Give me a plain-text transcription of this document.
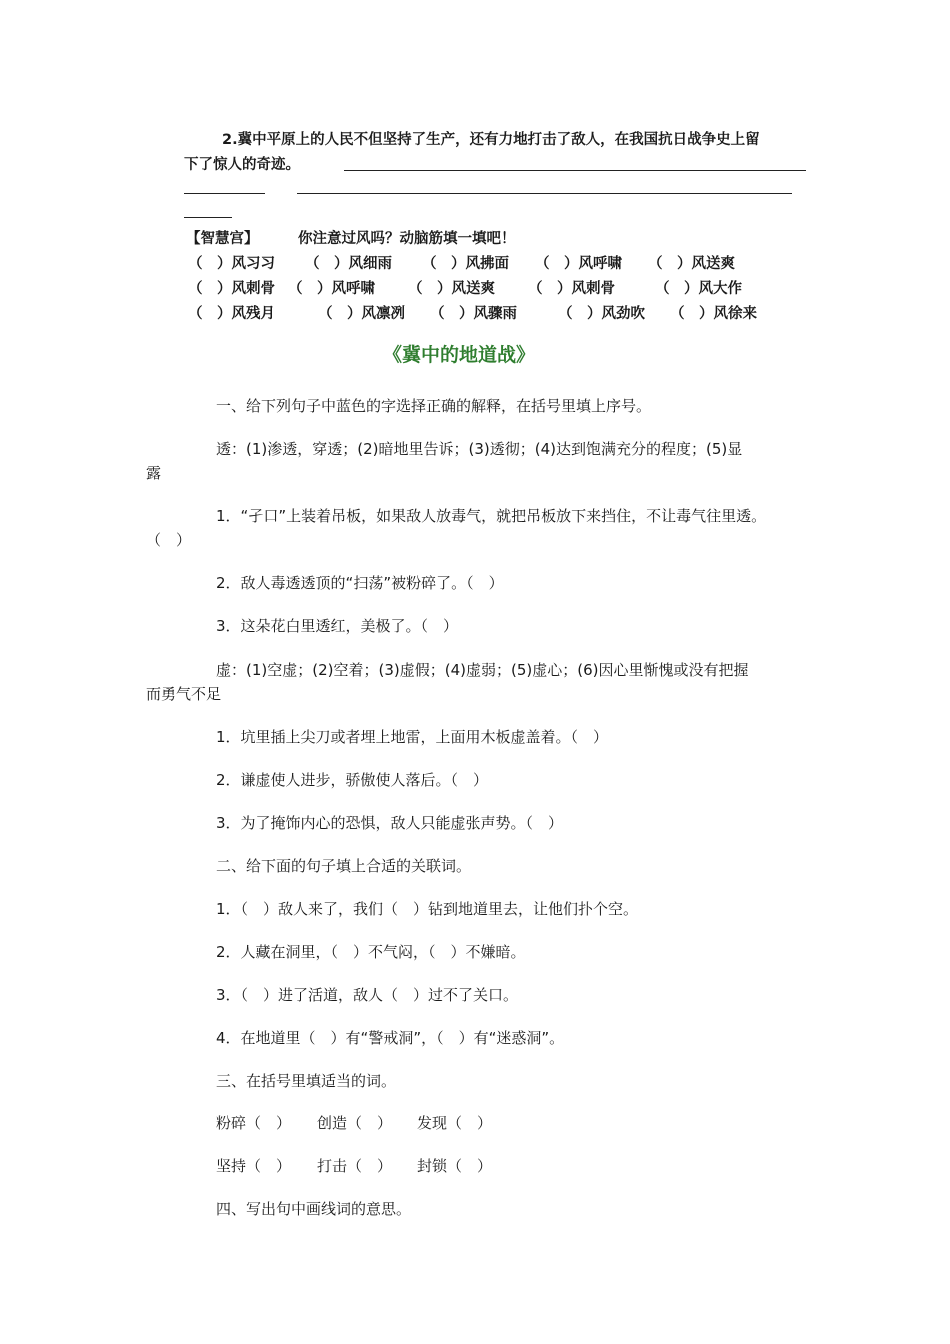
2.冀中平原上的人民不但坚持了生产，还有力地打击了敌人，在我国抗日战争史上留
下了惊人的奇迹。
【智慧宫】	你注意过风吗？动脑筋填一填吧！
（　）风习习 （　）风细雨 （　）风拂面 （　）风呼啸 （　）风送爽
（　）风刺骨 （　）风呼啸 （　）风送爽 （　）风刺骨	（　）风大作
（　）风残月	（　）风凛冽 （　）风骤雨	（　）风劲吹 （　）风徐来
《冀中的地道战》
一、给下列句子中蓝色的字选择正确的解释，在括号里填上序号。
透：(1)渗透，穿透；(2)暗地里告诉；(3)透彻；(4)达到饱满充分的程度；(5)显
露
1．“孑口”上装着吊板，如果敌人放毒气，就把吊板放下来挡住，不让毒气往里透。
（　）
2．敌人毒透透顶的“扫荡”被粉碎了。（　）
3．这朵花白里透红，美极了。（　）
虚：(1)空虚；(2)空着；(3)虚假；(4)虚弱；(5)虚心；(6)因心里惭愧或没有把握
而勇气不足
1．坑里插上尖刀或者埋上地雷，上面用木板虚盖着。（　）
2．谦虚使人进步，骄傲使人落后。（　）
3．为了掩饰内心的恐惧，敌人只能虚张声势。（　）
二、给下面的句子填上合适的关联词。
1．（　）敌人来了，我们（　）钻到地道里去，让他们扑个空。
2．人藏在洞里，（　）不气闷，（　）不嫌暗。
3．（　）进了活道，敌人（　）过不了关口。
4．在地道里（　）有“警戒洞”，（　）有“迷惑洞”。
三、在括号里填适当的词。
粉碎（　） 创造（　） 发现（　）
坚持（　） 打击（　） 封锁（　）
四、写出句中画线词的意思。
